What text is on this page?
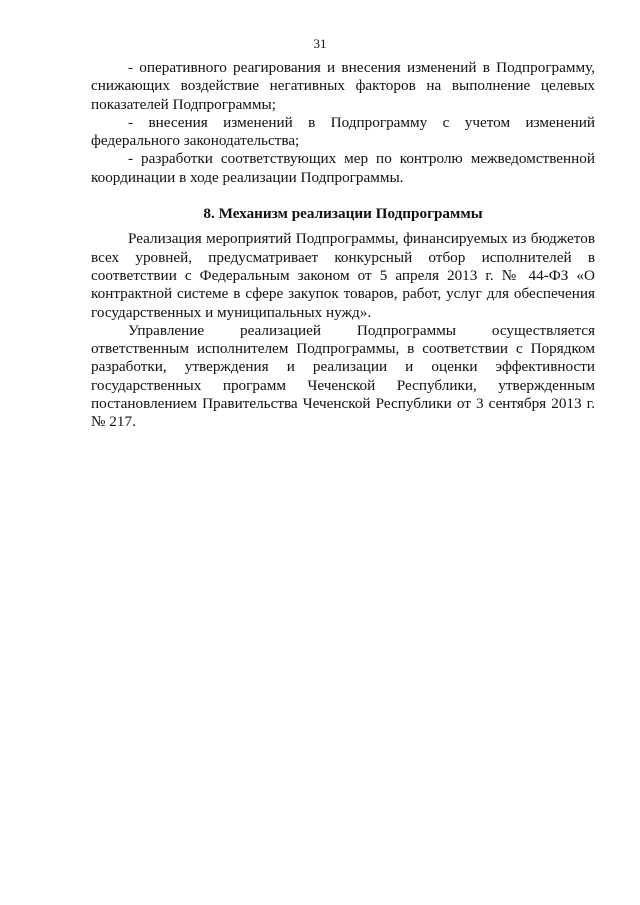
31

- оперативного реагирования и внесения изменений в Подпрограмму, снижающих воздействие негативных факторов на выполнение целевых показателей Подпрограммы;

- внесения изменений в Подпрограмму с учетом изменений федерального законодательства;

- разработки соответствующих мер по контролю межведомственной координации в ходе реализации Подпрограммы.

8. Механизм реализации Подпрограммы

Реализация мероприятий Подпрограммы, финансируемых из бюджетов всех уровней, предусматривает конкурсный отбор исполнителей в соответствии с Федеральным законом от 5 апреля 2013 г. № 44-ФЗ «О контрактной системе в сфере закупок товаров, работ, услуг для обеспечения государственных и муниципальных нужд».

Управление реализацией Подпрограммы осуществляется ответственным исполнителем Подпрограммы, в соответствии с Порядком разработки, утверждения и реализации и оценки эффективности государственных программ Чеченской Республики, утвержденным постановлением Правительства Чеченской Республики от 3 сентября 2013 г. № 217.
